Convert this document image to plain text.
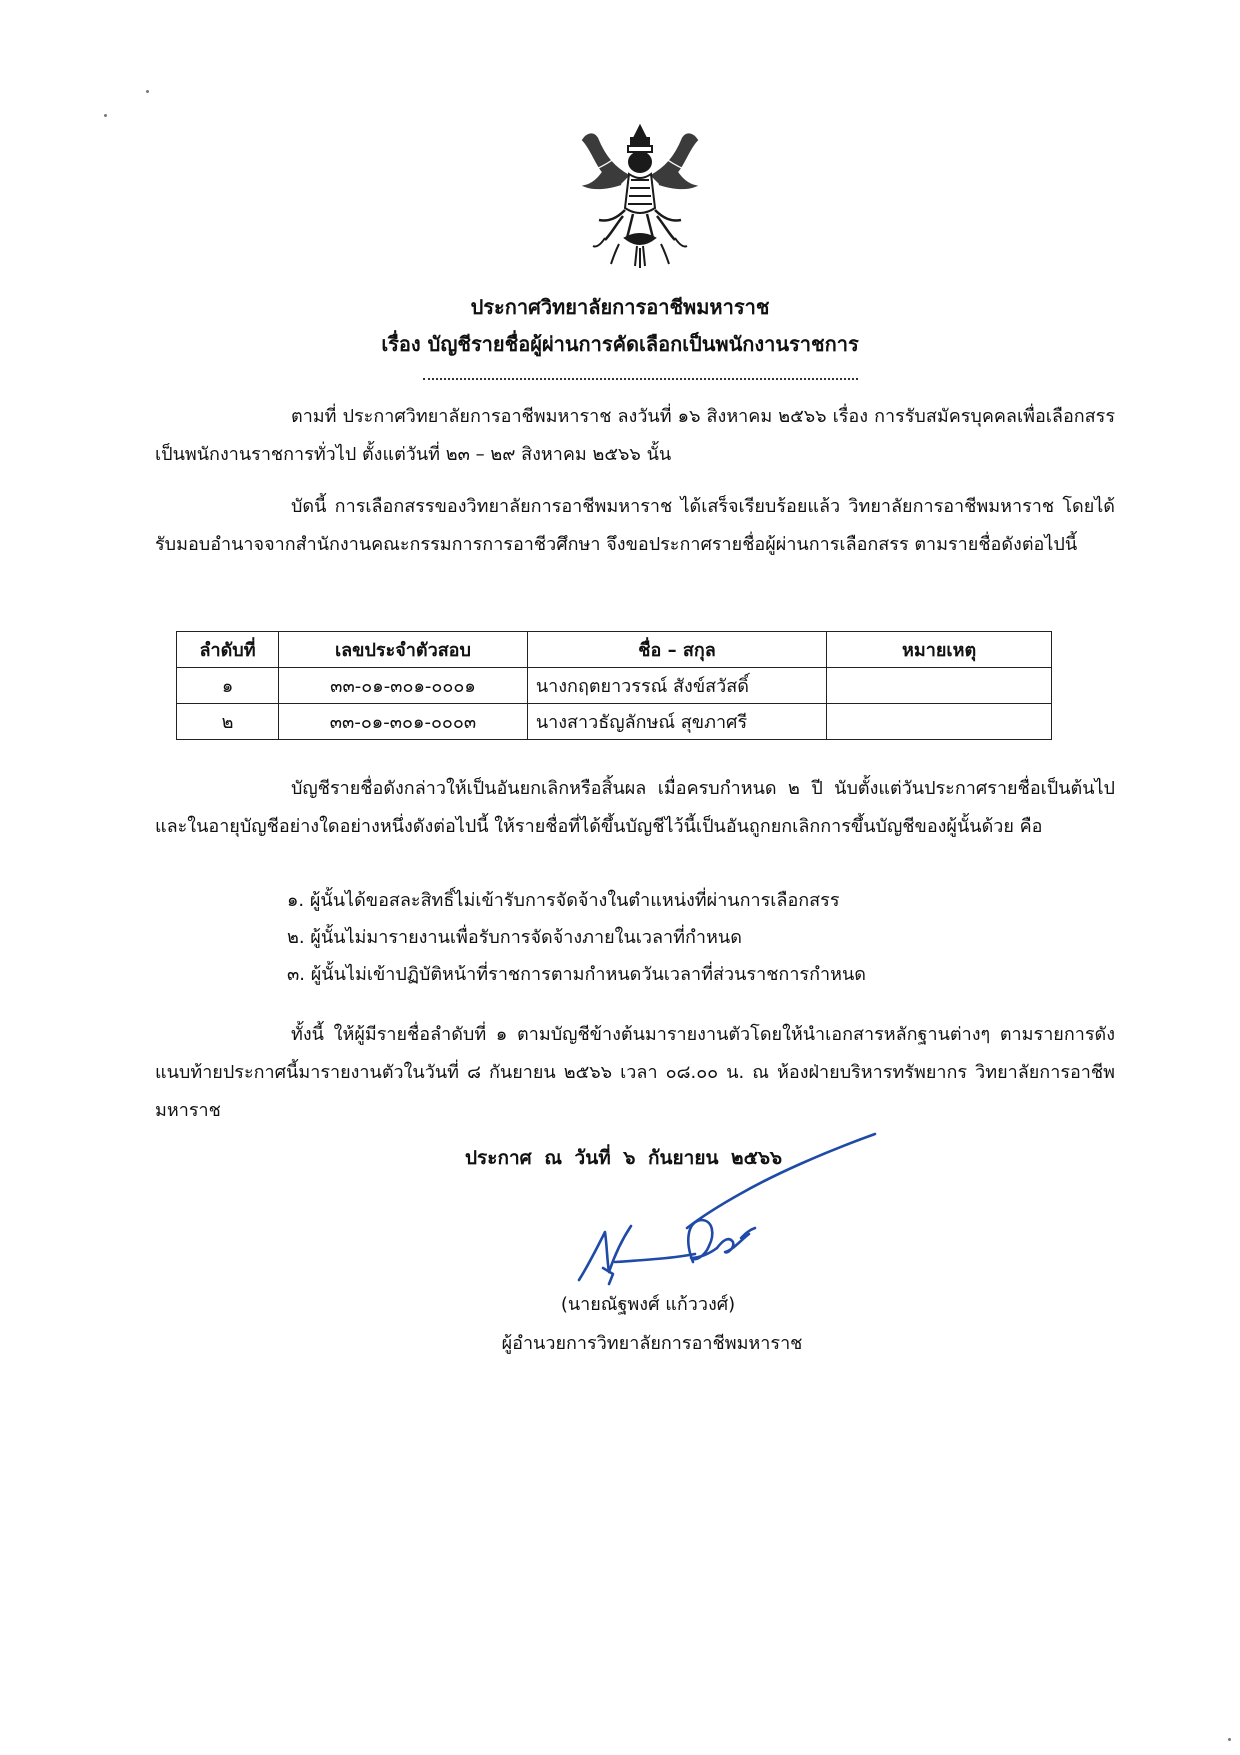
ประกาศวิทยาลัยการอาชีพมหาราช
เรื่อง บัญชีรายชื่อผู้ผ่านการคัดเลือกเป็นพนักงานราชการ
ตามที่ ประกาศวิทยาลัยการอาชีพมหาราช ลงวันที่ ๑๖ สิงหาคม ๒๕๖๖ เรื่อง การรับสมัครบุคคลเพื่อเลือกสรรเป็นพนักงานราชการทั่วไป ตั้งแต่วันที่ ๒๓ – ๒๙ สิงหาคม ๒๕๖๖ นั้น
บัดนี้ การเลือกสรรของวิทยาลัยการอาชีพมหาราช ได้เสร็จเรียบร้อยแล้ว วิทยาลัยการอาชีพมหาราช โดยได้รับมอบอำนาจจากสำนักงานคณะกรรมการการอาชีวศึกษา จึงขอประกาศรายชื่อผู้ผ่านการเลือกสรร ตามรายชื่อดังต่อไปนี้
ลำดับที่	เลขประจำตัวสอบ	ชื่อ – สกุล	หมายเหตุ
๑	๓๓-๐๑-๓๐๑-๐๐๐๑	นางกฤตยาวรรณ์ สังข์สวัสดิ์	
๒	๓๓-๐๑-๓๐๑-๐๐๐๓	นางสาวธัญลักษณ์ สุขภาศรี	
บัญชีรายชื่อดังกล่าวให้เป็นอันยกเลิกหรือสิ้นผล เมื่อครบกำหนด ๒ ปี นับตั้งแต่วันประกาศรายชื่อเป็นต้นไป และในอายุบัญชีอย่างใดอย่างหนึ่งดังต่อไปนี้ ให้รายชื่อที่ได้ขึ้นบัญชีไว้นี้เป็นอันถูกยกเลิกการขึ้นบัญชีของผู้นั้นด้วย คือ
๑. ผู้นั้นได้ขอสละสิทธิ์ไม่เข้ารับการจัดจ้างในตำแหน่งที่ผ่านการเลือกสรร
๒. ผู้นั้นไม่มารายงานเพื่อรับการจัดจ้างภายในเวลาที่กำหนด
๓. ผู้นั้นไม่เข้าปฏิบัติหน้าที่ราชการตามกำหนดวันเวลาที่ส่วนราชการกำหนด
ทั้งนี้ ให้ผู้มีรายชื่อลำดับที่ ๑ ตามบัญชีข้างต้นมารายงานตัวโดยให้นำเอกสารหลักฐานต่างๆ ตามรายการดังแนบท้ายประกาศนี้มารายงานตัวในวันที่ ๘ กันยายน ๒๕๖๖ เวลา ๐๘.๐๐ น. ณ ห้องฝ่ายบริหารทรัพยากร วิทยาลัยการอาชีพมหาราช
ประกาศ ณ วันที่ ๖ กันยายน ๒๕๖๖
(นายณัฐพงศ์ แก้ววงศ์)
ผู้อำนวยการวิทยาลัยการอาชีพมหาราช
